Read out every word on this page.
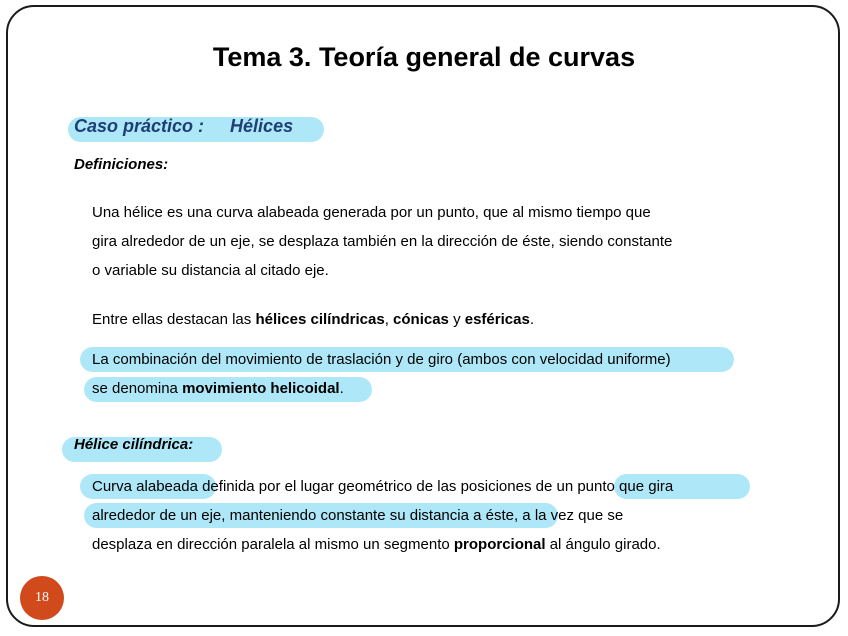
Tema 3. Teoría general de curvas
Caso práctico : Hélices
Definiciones:
Una hélice es una curva alabeada generada por un punto, que al mismo tiempo que
gira alrededor de un eje, se desplaza también en la dirección de éste, siendo constante
o variable su distancia al citado eje.
Entre ellas destacan las hélices cilíndricas, cónicas y esféricas.
La combinación del movimiento de traslación y de giro (ambos con velocidad uniforme)
se denomina movimiento helicoidal.
Hélice cilíndrica:
Curva alabeada definida por el lugar geométrico de las posiciones de un punto que gira
alrededor de un eje, manteniendo constante su distancia a éste, a la vez que se
desplaza en dirección paralela al mismo un segmento proporcional al ángulo girado.
18
